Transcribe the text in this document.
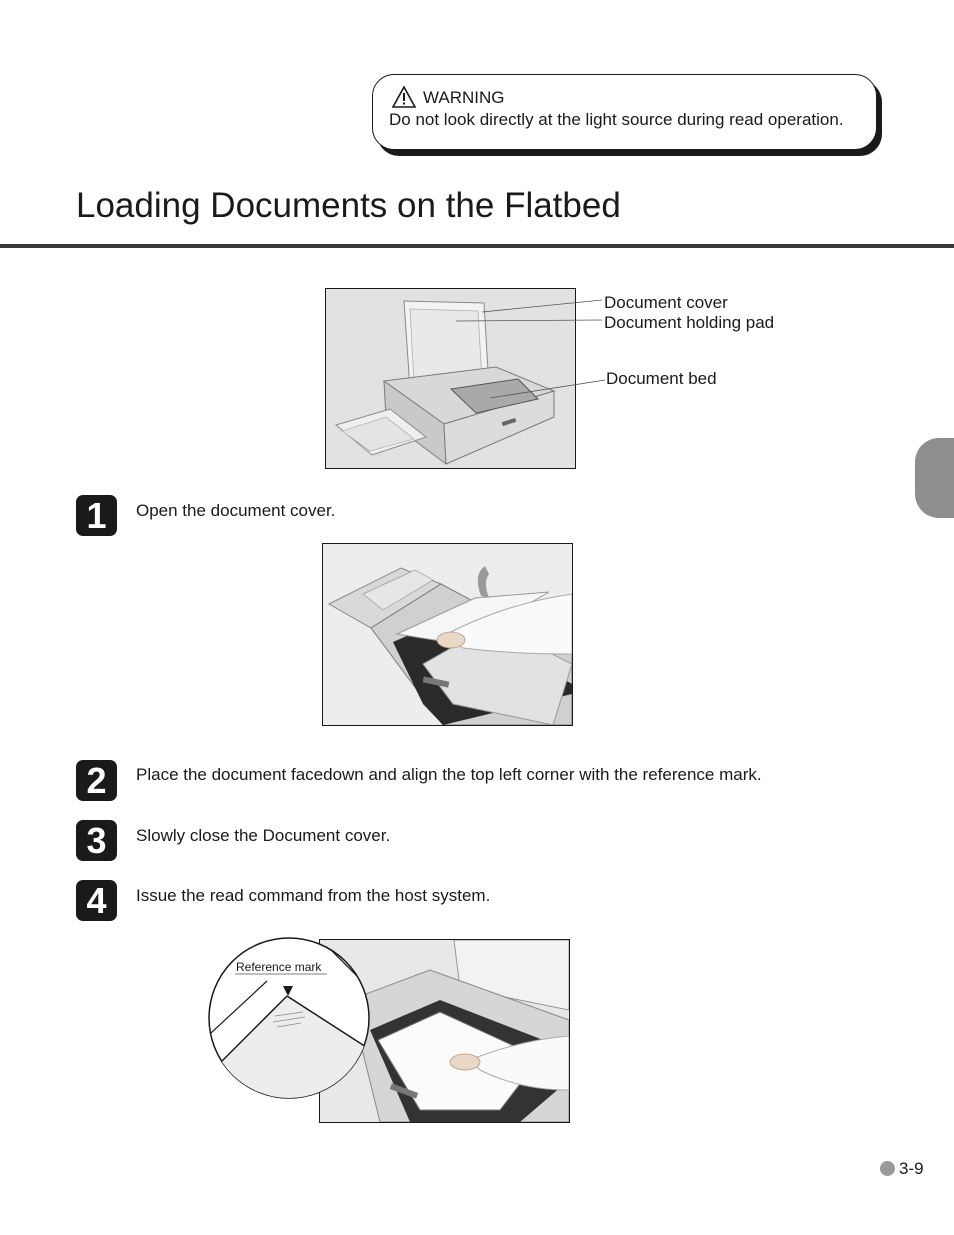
WARNING
Do not look directly at the light source during read operation.
Loading Documents on the Flatbed
Document cover
Document holding pad
Document bed
1	Open the document cover.
2	Place the document facedown and align the top left corner with the reference mark.
3	Slowly close the Document cover.
4	Issue the read command from the host system.
Reference mark
3-9
